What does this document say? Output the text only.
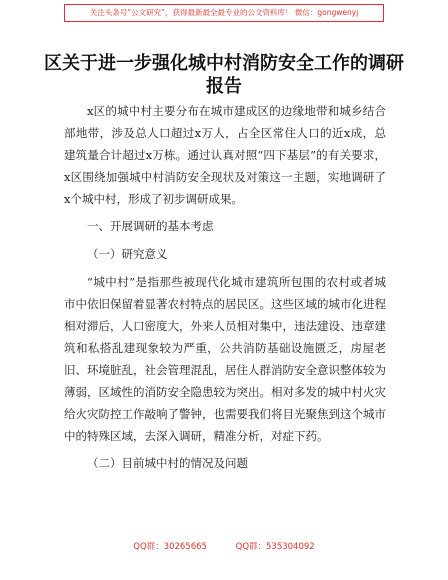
关注头条号“公文研究”，获得最新最全最专业的公文资料库！ 微信：gongwenyj
区关于进一步强化城中村消防安全工作的调研报告

x区的城中村主要分布在城市建成区的边缘地带和城乡结合部地带，涉及总人口超过x万人，占全区常住人口的近x成，总建筑量合计超过x万栋。通过认真对照“四下基层”的有关要求，x区围绕加强城中村消防安全现状及对策这一主题，实地调研了x个城中村，形成了初步调研成果。

一、开展调研的基本考虑

（一）研究意义

“城中村”是指那些被现代化城市建筑所包围的农村或者城市中依旧保留着显著农村特点的居民区。这些区域的城市化进程相对滞后，人口密度大，外来人员相对集中，违法建设、违章建筑和私搭乱建现象较为严重，公共消防基础设施匮乏，房屋老旧、环境脏乱，社会管理混乱，居住人群消防安全意识整体较为薄弱，区域性的消防安全隐患较为突出。相对多发的城中村火灾给火灾防控工作敲响了警钟，也需要我们将目光聚焦到这个城市中的特殊区域，去深入调研，精准分析，对症下药。

（二）目前城中村的情况及问题

QQ群：30265665	QQ群：535304092
